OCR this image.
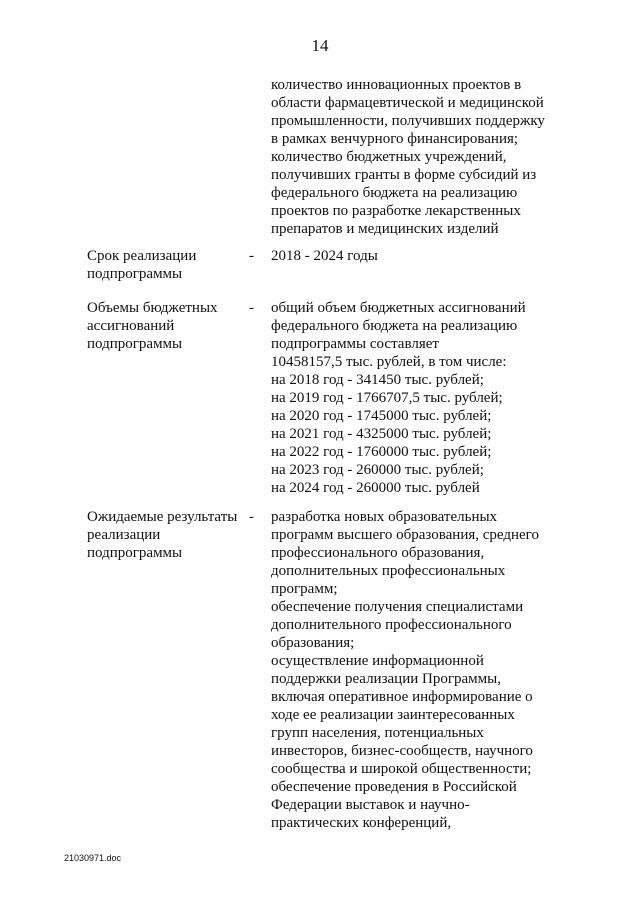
14
количество инновационных проектов в
области фармацевтической и медицинской
промышленности, получивших поддержку
в рамках венчурного финансирования;
количество бюджетных учреждений,
получивших гранты в форме субсидий из
федерального бюджета на реализацию
проектов по разработке лекарственных
препаратов и медицинских изделий
Срок реализации
подпрограммы
- 2018 - 2024 годы
Объемы бюджетных
ассигнований
подпрограммы
- общий объем бюджетных ассигнований
федерального бюджета на реализацию
подпрограммы составляет
10458157,5 тыс. рублей, в том числе:
на 2018 год - 341450 тыс. рублей;
на 2019 год - 1766707,5 тыс. рублей;
на 2020 год - 1745000 тыс. рублей;
на 2021 год - 4325000 тыс. рублей;
на 2022 год - 1760000 тыс. рублей;
на 2023 год - 260000 тыс. рублей;
на 2024 год - 260000 тыс. рублей
Ожидаемые результаты
реализации
подпрограммы
- разработка новых образовательных
программ высшего образования, среднего
профессионального образования,
дополнительных профессиональных
программ;
обеспечение получения специалистами
дополнительного профессионального
образования;
осуществление информационной
поддержки реализации Программы,
включая оперативное информирование о
ходе ее реализации заинтересованных
групп населения, потенциальных
инвесторов, бизнес-сообществ, научного
сообщества и широкой общественности;
обеспечение проведения в Российской
Федерации выставок и научно-
практических конференций,
21030971.doc
